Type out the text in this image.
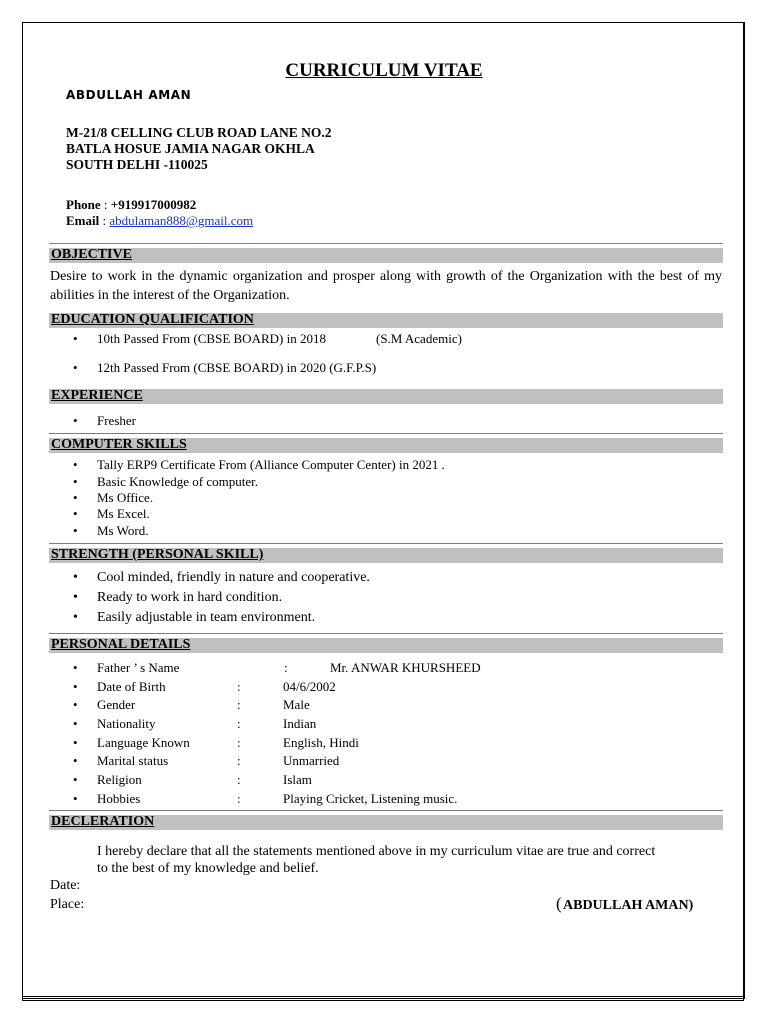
CURRICULUM VITAE
ABDULLAH AMAN
M-21/8 CELLING CLUB ROAD LANE NO.2
BATLA HOSUE JAMIA NAGAR OKHLA
SOUTH DELHI -110025
Phone : +919917000982
Email : abdulaman888@gmail.com
OBJECTIVE
Desire to work in the dynamic organization and prosper along with growth of the Organization with the best of my abilities in the interest of the Organization.
EDUCATION QUALIFICATION
• 10th Passed From (CBSE BOARD) in 2018	(S.M Academic)
• 12th Passed From (CBSE BOARD) in 2020 (G.F.P.S)
EXPERIENCE
• Fresher
COMPUTER SKILLS
• Tally ERP9 Certificate From (Alliance Computer Center) in 2021 .
• Basic Knowledge of computer.
• Ms Office.
• Ms Excel.
• Ms Word.
STRENGTH (PERSONAL SKILL)
• Cool minded, friendly in nature and cooperative.
• Ready to work in hard condition.
• Easily adjustable in team environment.
PERSONAL DETAILS
• Father ’ s Name	:	Mr. ANWAR KHURSHEED
• Date of Birth	:	04/6/2002
• Gender	:	Male
• Nationality	:	Indian
• Language Known	:	English, Hindi
• Marital status	:	Unmarried
• Religion	:	Islam
• Hobbies	:	Playing Cricket, Listening music.
DECLERATION
I hereby declare that all the statements mentioned above in my curriculum vitae are true and correct
to the best of my knowledge and belief.
Date:
Place:	( ABDULLAH AMAN)
